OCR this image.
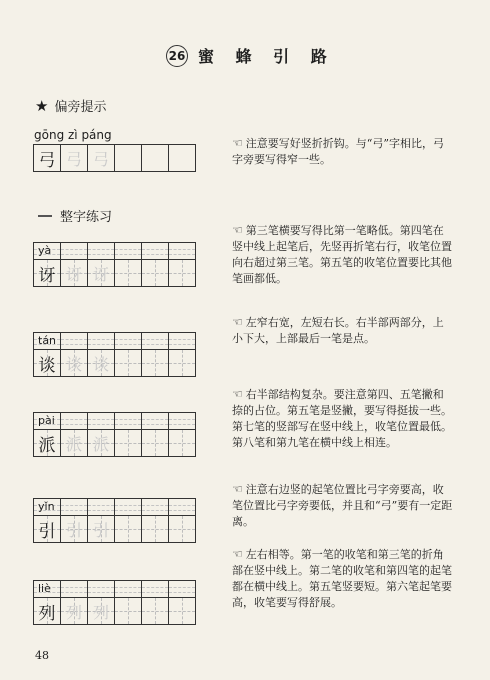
26 蜜 蜂 引 路
★ 偏旁提示
gōng zì páng
弓 弓 弓
☜ 注意要写好竖折折钩。与“弓”字相比，弓字旁要写得窄一些。
整字练习
yà
讶 讶 讶
☜ 第三笔横要写得比第一笔略低。第四笔在竖中线上起笔后，先竖再折笔右行，收笔位置向右超过第三笔。第五笔的收笔位置要比其他笔画都低。
tán
谈 谈 谈
☜ 左窄右宽，左短右长。右半部两部分，上小下大，上部最后一笔是点。
pài
派 派 派
☜ 右半部结构复杂。要注意第四、五笔撇和捺的占位。第五笔是竖撇，要写得挺拔一些。第七笔的竖部写在竖中线上，收笔位置最低。第八笔和第九笔在横中线上相连。
yǐn
引 引 引
☜ 注意右边竖的起笔位置比弓字旁要高，收笔位置比弓字旁要低，并且和“弓”要有一定距离。
liè
列 列 列
☜ 左右相等。第一笔的收笔和第三笔的折角部在竖中线上。第二笔的收笔和第四笔的起笔都在横中线上。第五笔竖要短。第六笔起笔要高，收笔要写得舒展。
48
